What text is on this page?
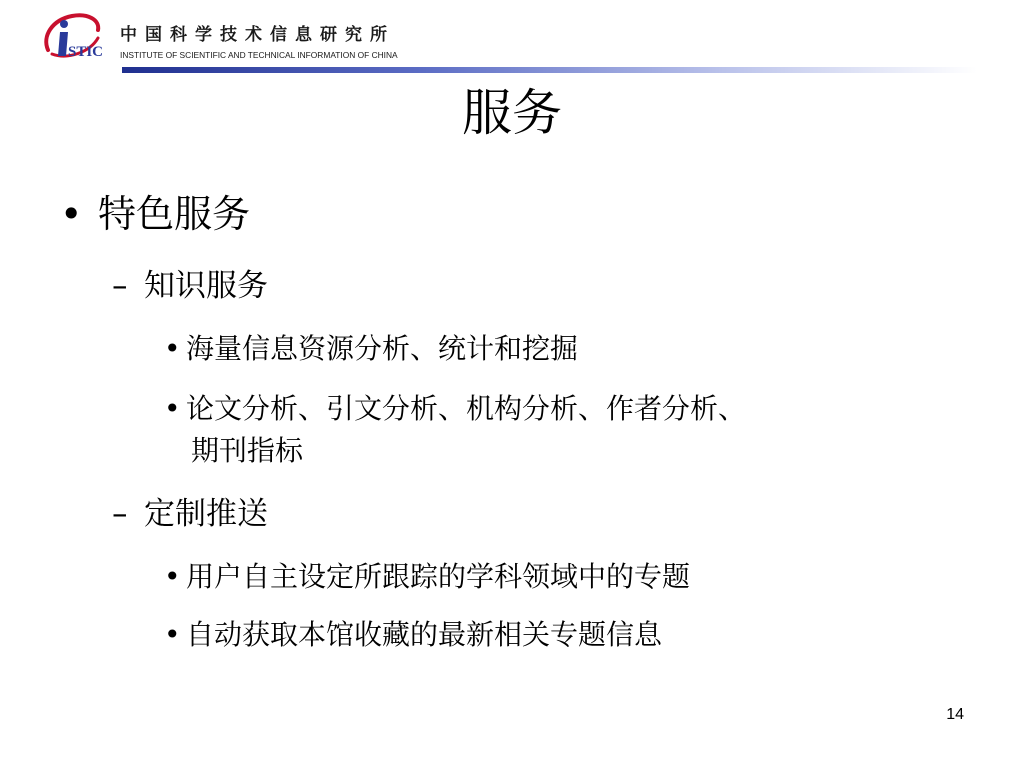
STIC
中国科学技术信息研究所
INSTITUTE OF SCIENTIFIC AND TECHNICAL INFORMATION OF CHINA
服务
• 特色服务
– 知识服务
• 海量信息资源分析、统计和挖掘
• 论文分析、引文分析、机构分析、作者分析、
期刊指标
– 定制推送
• 用户自主设定所跟踪的学科领域中的专题
• 自动获取本馆收藏的最新相关专题信息
14
